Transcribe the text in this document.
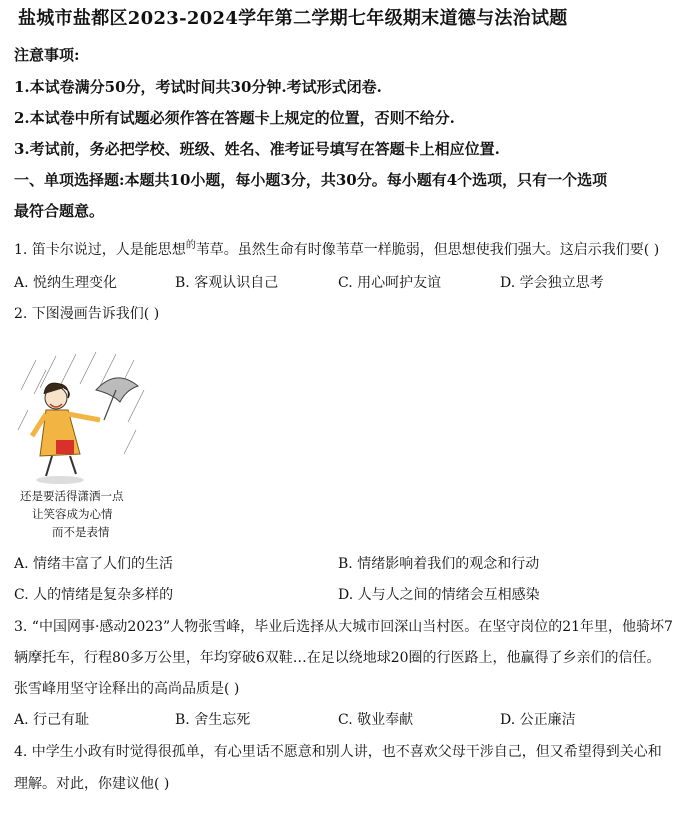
盐城市盐都区2023-2024学年第二学期七年级期末道德与法治试题
注意事项:
1.本试卷满分50分，考试时间共30分钟.考试形式闭卷.
2.本试卷中所有试题必须作答在答题卡上规定的位置，否则不给分.
3.考试前，务必把学校、班级、姓名、准考证号填写在答题卡上相应位置.
一、单项选择题:本题共10小题，每小题3分，共30分。每小题有4个选项，只有一个选项
最符合题意。
1. 笛卡尔说过，人是能思想$^的$苇草。虽然生命有时像苇草一样脆弱，但思想使我们强大。这启示我们要( )
A. 悦纳生理变化	B. 客观认识自己	C. 用心呵护友谊	D. 学会独立思考
2. 下图漫画告诉我们( )
还是要活得潇洒一点
让笑容成为心情
而不是表情
A. 情绪丰富了人们的生活	B. 情绪影响着我们的观念和行动
C. 人的情绪是复杂多样的	D. 人与人之间的情绪会互相感染
3. “中国网事·感动2023”人物张雪峰，毕业后选择从大城市回深山当村医。在坚守岗位的21年里，他骑坏7
辆摩托车，行程80多万公里，年均穿破6双鞋…在足以绕地球20圈的行医路上，他赢得了乡亲们的信任。
张雪峰用坚守诠释出的高尚品质是( )
A. 行己有耻	B. 舍生忘死	C. 敬业奉献	D. 公正廉洁
4. 中学生小政有时觉得很孤单，有心里话不愿意和别人讲，也不喜欢父母干涉自己，但又希望得到关心和
理解。对此，你建议他( )
